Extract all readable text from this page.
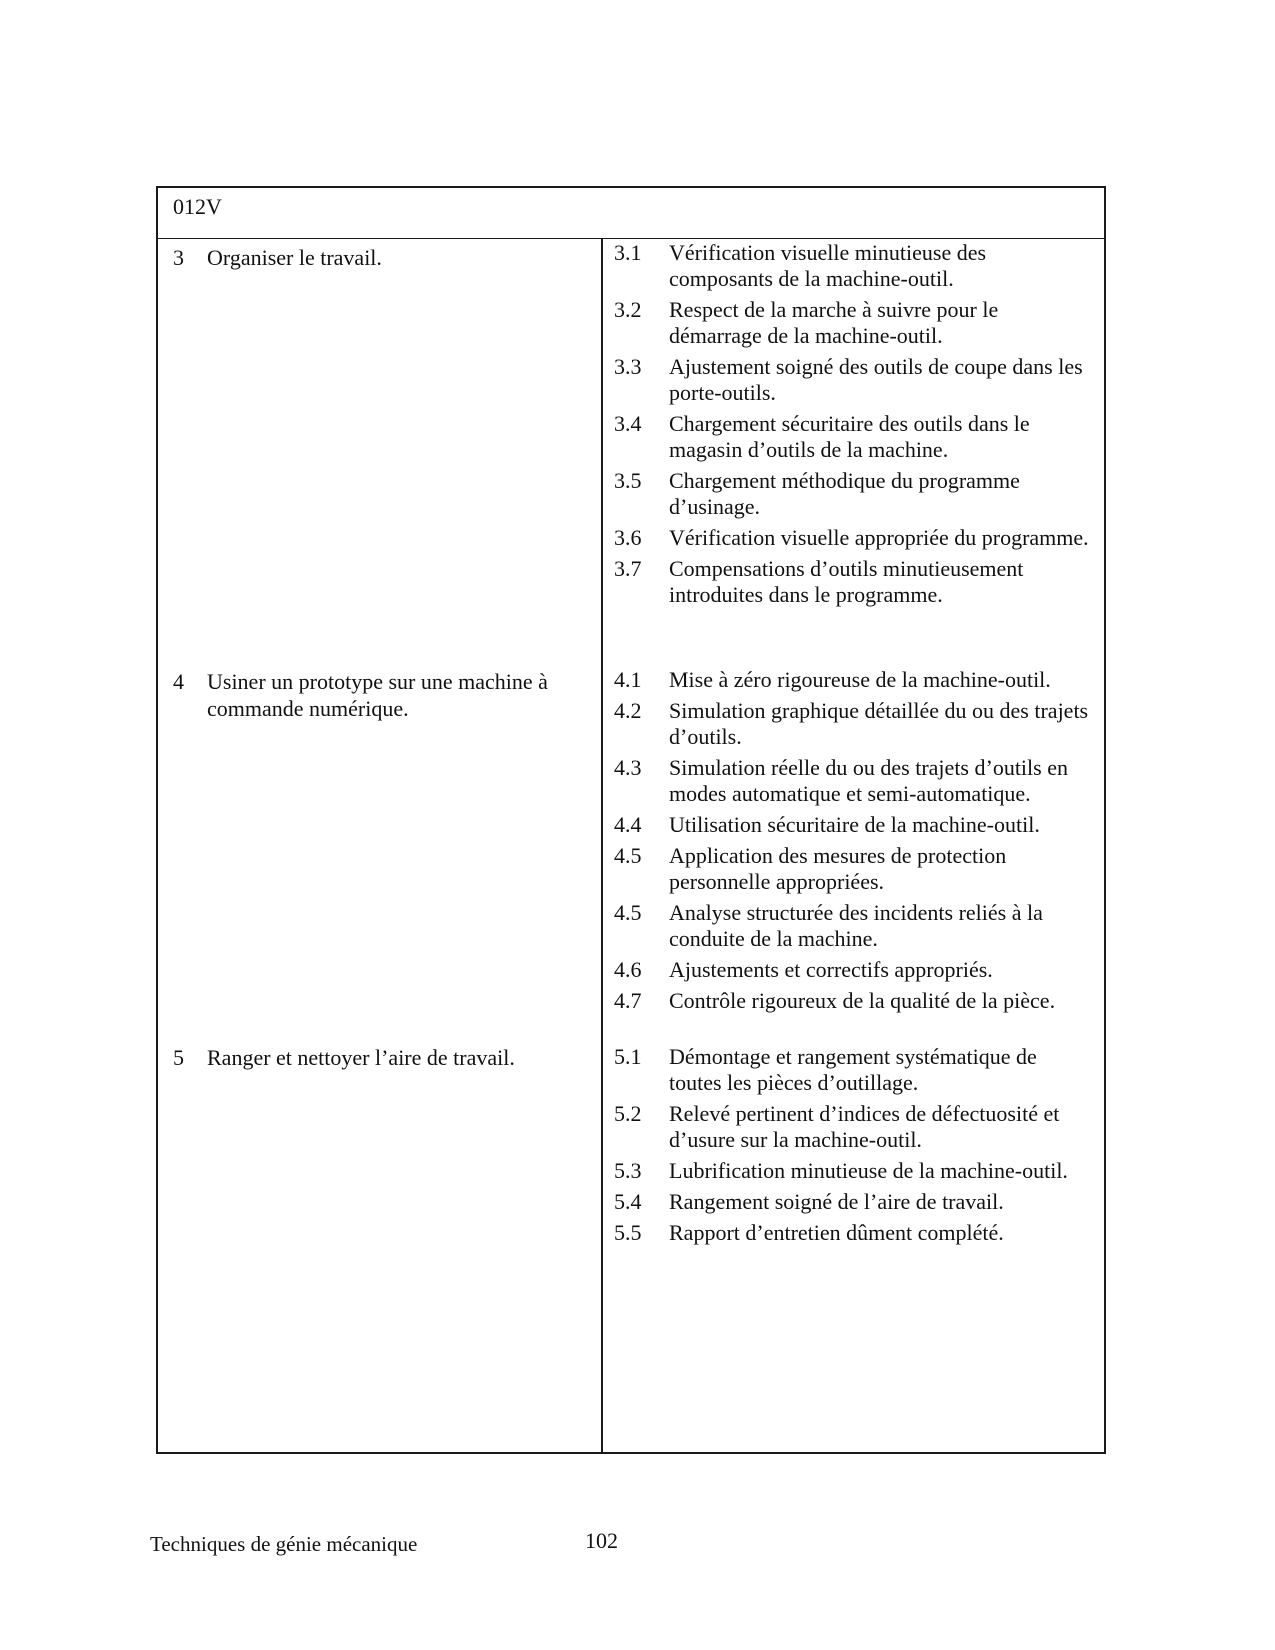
012V
3 Organiser le travail.	3.1	Vérification visuelle minutieuse des composants de la machine-outil.
3.2	Respect de la marche à suivre pour le démarrage de la machine-outil.
3.3	Ajustement soigné des outils de coupe dans les porte-outils.
3.4	Chargement sécuritaire des outils dans le magasin d’outils de la machine.
3.5	Chargement méthodique du programme d’usinage.
3.6	Vérification visuelle appropriée du programme.
3.7	Compensations d’outils minutieusement introduites dans le programme.
4 Usiner un prototype sur une machine à commande numérique.
4.1	Mise à zéro rigoureuse de la machine-outil.
4.2	Simulation graphique détaillée du ou des trajets d’outils.
4.3	Simulation réelle du ou des trajets d’outils en modes automatique et semi-automatique.
4.4	Utilisation sécuritaire de la machine-outil.
4.5	Application des mesures de protection personnelle appropriées.
4.5	Analyse structurée des incidents reliés à la conduite de la machine.
4.6	Ajustements et correctifs appropriés.
4.7	Contrôle rigoureux de la qualité de la pièce.
5 Ranger et nettoyer l’aire de travail.	5.1	Démontage et rangement systématique de toutes les pièces d’outillage.
5.2	Relevé pertinent d’indices de défectuosité et d’usure sur la machine-outil.
5.3	Lubrification minutieuse de la machine-outil.
5.4	Rangement soigné de l’aire de travail.
5.5	Rapport d’entretien dûment complété.
Techniques de génie mécanique	102
